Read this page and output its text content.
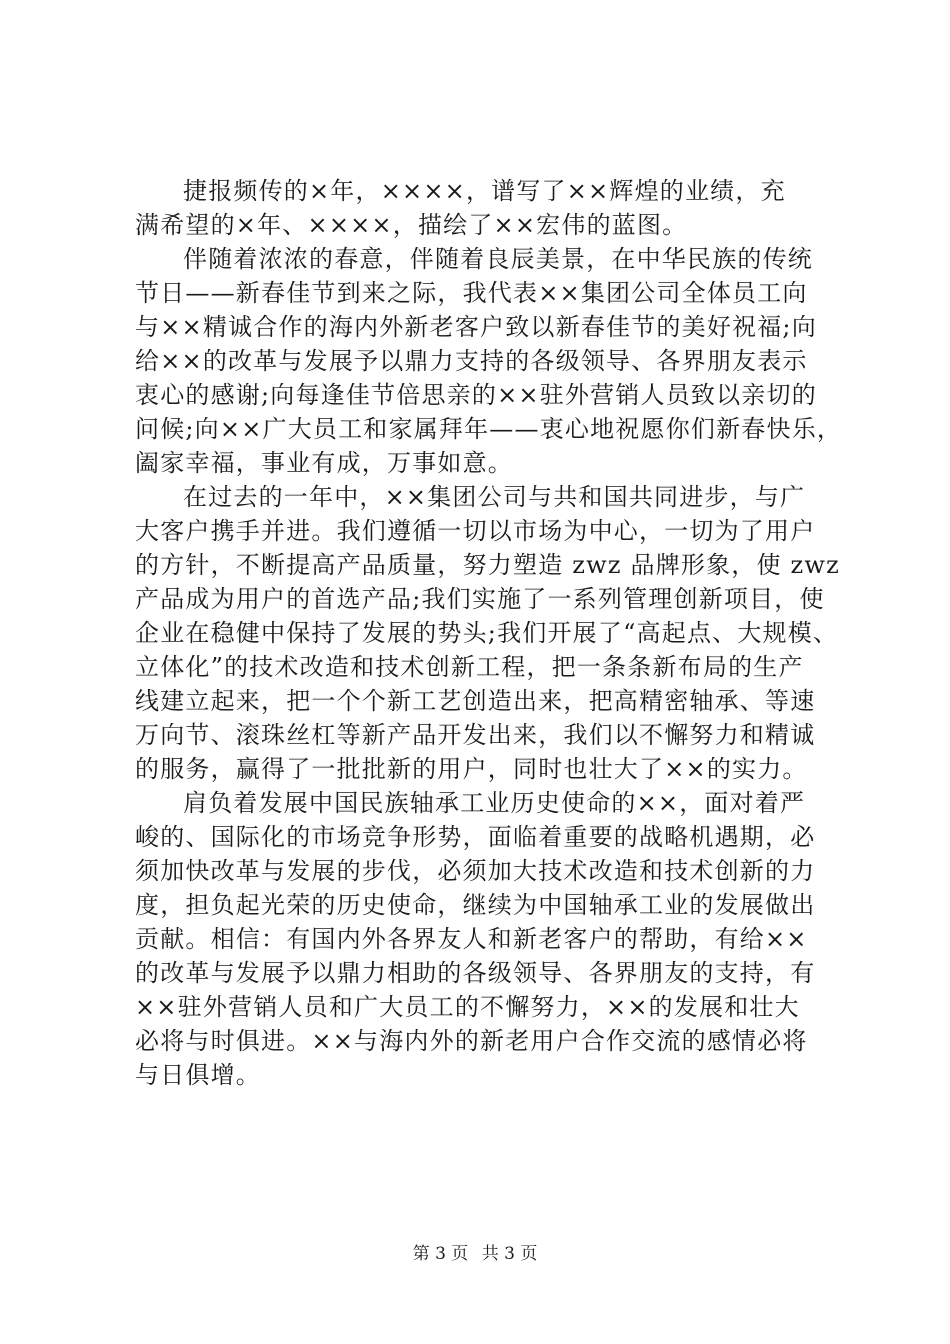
捷报频传的×年，××××，谱写了××辉煌的业绩，充
满希望的×年、××××，描绘了××宏伟的蓝图。
伴随着浓浓的春意，伴随着良辰美景，在中华民族的传统
节日——新春佳节到来之际，我代表××集团公司全体员工向
与××精诚合作的海内外新老客户致以新春佳节的美好祝福;向
给××的改革与发展予以鼎力支持的各级领导、各界朋友表示
衷心的感谢;向每逢佳节倍思亲的××驻外营销人员致以亲切的
问候;向××广大员工和家属拜年——衷心地祝愿你们新春快乐，
阖家幸福，事业有成，万事如意。
在过去的一年中，××集团公司与共和国共同进步，与广
大客户携手并进。我们遵循一切以市场为中心，一切为了用户
的方针，不断提高产品质量，努力塑造 zwz 品牌形象，使 zwz
产品成为用户的首选产品;我们实施了一系列管理创新项目，使
企业在稳健中保持了发展的势头;我们开展了“高起点、大规模、
立体化”的技术改造和技术创新工程，把一条条新布局的生产
线建立起来，把一个个新工艺创造出来，把高精密轴承、等速
万向节、滚珠丝杠等新产品开发出来，我们以不懈努力和精诚
的服务，赢得了一批批新的用户，同时也壮大了××的实力。
肩负着发展中国民族轴承工业历史使命的××，面对着严
峻的、国际化的市场竞争形势，面临着重要的战略机遇期，必
须加快改革与发展的步伐，必须加大技术改造和技术创新的力
度，担负起光荣的历史使命，继续为中国轴承工业的发展做出
贡献。相信：有国内外各界友人和新老客户的帮助，有给××
的改革与发展予以鼎力相助的各级领导、各界朋友的支持，有
××驻外营销人员和广大员工的不懈努力，××的发展和壮大
必将与时俱进。××与海内外的新老用户合作交流的感情必将
与日俱增。
第 3 页 共 3 页
